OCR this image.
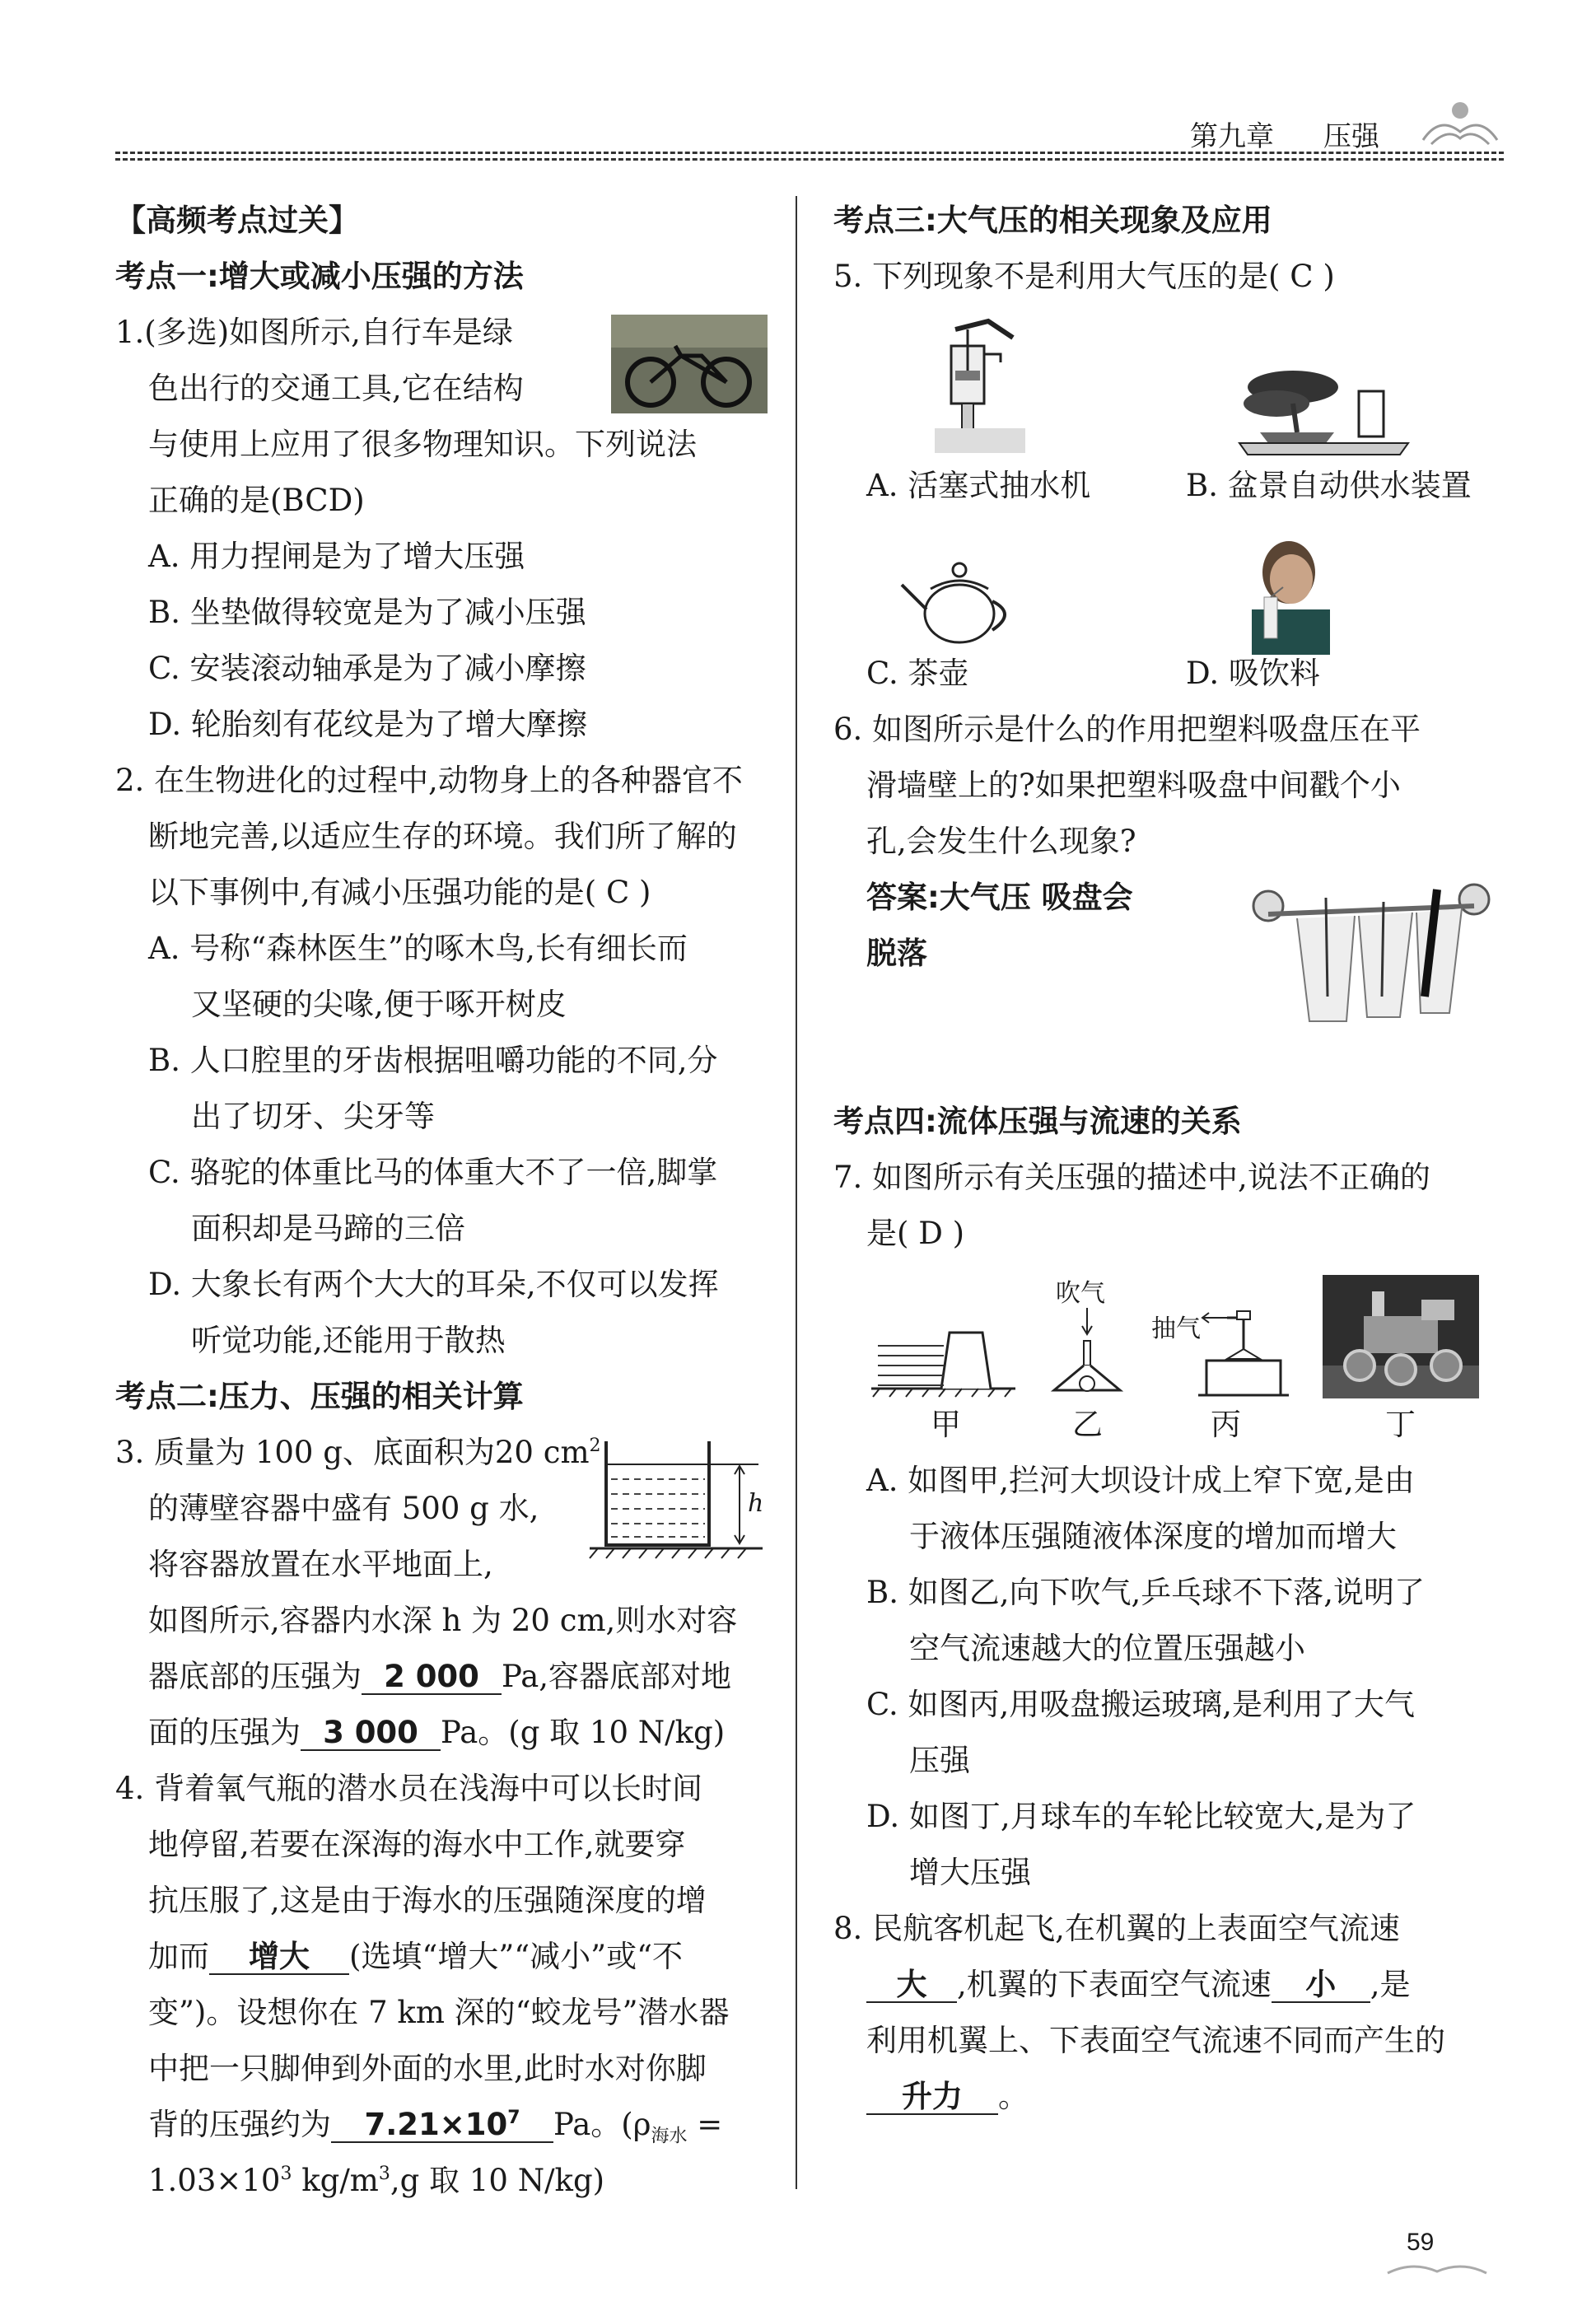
第九章 压强
【高频考点过关】
考点一:增大或减小压强的方法
1.(多选)如图所示,自行车是绿
色出行的交通工具,它在结构
与使用上应用了很多物理知识。下列说法
正确的是(BCD)
A. 用力捏闸是为了增大压强
B. 坐垫做得较宽是为了减小压强
C. 安装滚动轴承是为了减小摩擦
D. 轮胎刻有花纹是为了增大摩擦
2. 在生物进化的过程中,动物身上的各种器官不
断地完善,以适应生存的环境。我们所了解的
以下事例中,有减小压强功能的是( C )
A. 号称“森林医生”的啄木鸟,长有细长而
又坚硬的尖喙,便于啄开树皮
B. 人口腔里的牙齿根据咀嚼功能的不同,分
出了切牙、尖牙等
C. 骆驼的体重比马的体重大不了一倍,脚掌
面积却是马蹄的三倍
D. 大象长有两个大大的耳朵,不仅可以发挥
听觉功能,还能用于散热
考点二:压力、压强的相关计算
3. 质量为 100 g、底面积为20 $cm^2$
的薄壁容器中盛有 500 g 水,
将容器放置在水平地面上,
h
如图所示,容器内水深 h 为 20 cm,则水对容
器底部的压强为 2 000 Pa,容器底部对地
面的压强为 3 000 Pa。(g 取 10 N/kg)
4. 背着氧气瓶的潜水员在浅海中可以长时间
地停留,若要在深海的海水中工作,就要穿
抗压服了,这是由于海水的压强随深度的增
加而 增大 (选填“增大”“减小”或“不
变”)。设想你在 7 km 深的“蛟龙号”潜水器
中把一只脚伸到外面的水里,此时水对你脚
背的压强约为 $7.21\times 10^7$ Pa。($\rho_{海水}$ =
$1.03\times 10^3$ $kg/m^3,g$ 取 10 N/kg)
考点三:大气压的相关现象及应用
5. 下列现象不是利用大气压的是( C )
A. 活塞式抽水机	B. 盆景自动供水装置
C. 茶壶	D. 吸饮料
6. 如图所示是什么的作用把塑料吸盘压在平
滑墙壁上的?如果把塑料吸盘中间戳个小
孔,会发生什么现象?
答案:大气压 吸盘会
脱落
考点四:流体压强与流速的关系
7. 如图所示有关压强的描述中,说法不正确的
是( D )
吹气
抽气
甲	乙	丙	丁
A. 如图甲,拦河大坝设计成上窄下宽,是由
于液体压强随液体深度的增加而增大
B. 如图乙,向下吹气,乒乓球不下落,说明了
空气流速越大的位置压强越小
C. 如图丙,用吸盘搬运玻璃,是利用了大气
压强
D. 如图丁,月球车的车轮比较宽大,是为了
增大压强
8. 民航客机起飞,在机翼的上表面空气流速
大 ,机翼的下表面空气流速 小 ,是
利用机翼上、下表面空气流速不同而产生的
升力 。
59
